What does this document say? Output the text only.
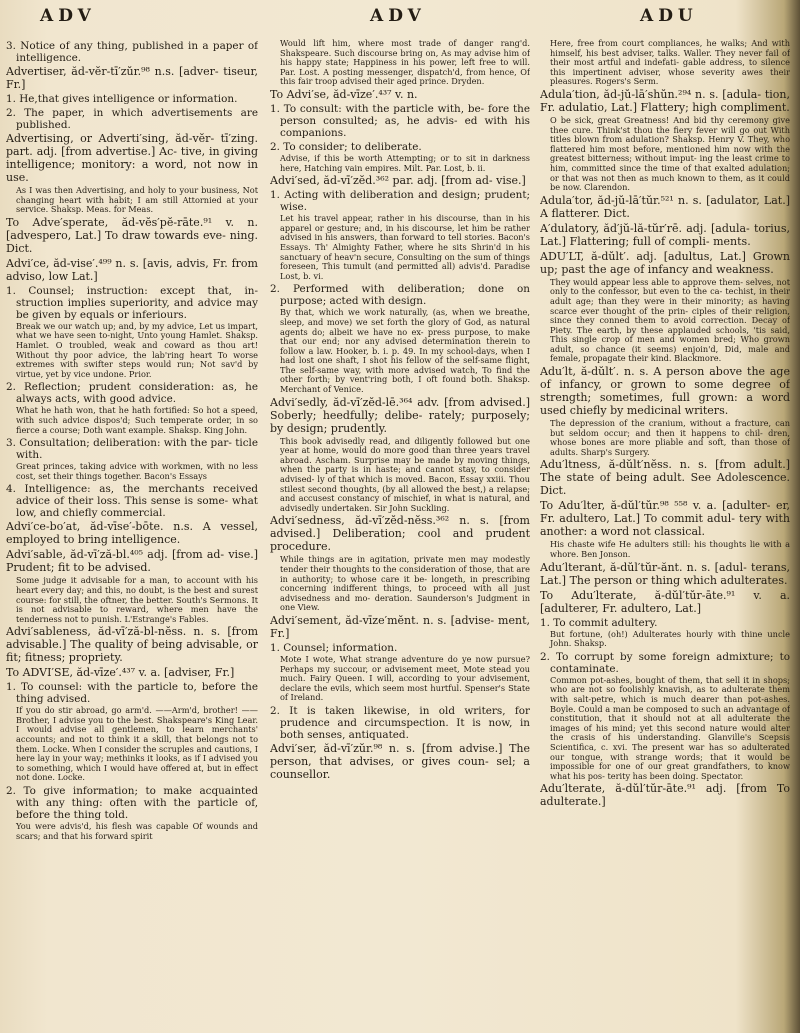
ADV	ADV	ADU
3. Notice of any thing, published in a paper of intelligence.
Advertiser, ăd-vĕr-tī′zŭr.⁹⁸ n.s. [adver- tiseur, Fr.]
1. He,that gives intelligence or information.
2. The paper, in which advertisements are published.
Advertising, or Adverti′sing, ăd-vĕr- tī′zing. part. adj. [from advertise.] Ac- tive, in giving intelligence; monitory: a word, not now in use.
As I was then Advertising, and holy to your business, Not changing heart with habit; I am still Attornied at your service. Shaksp. Meas. for Meas.
To Adve′sperate, ăd-vĕs′pĕ-rāte.⁹¹ v. n. [advesperо, Lat.] To draw towards eve- ning. Dict.
Advi′ce, ăd-vise′.⁴⁹⁹ n. s. [avis, advis, Fr. from adviso, low Lat.]
1. Counsel; instruction: except that, in- struction implies superiority, and advice may be given by equals or inferiours.
Break we our watch up; and, by my advice, Let us impart, what we have seen to-night, Unto young Hamlet. Shaksp. Hamlet. O troubled, weak and coward as thou art! Without thy poor advice, the lab'ring heart To worse extremes with swifter steps would run; Not sav'd by virtue, yet by vice undone. Prior.
2. Reflection; prudent consideration: as, he always acts, with good advice.
What he hath won, that he hath fortified: So hot a speed, with such advice dispos'd; Such temperate order, in so fierce a course; Doth want example. Shaksp. King John.
3. Consultation; deliberation: with the par- ticle with.
Great princes, taking advice with workmen, with no less cost, set their things together. Bacon's Essays
4. Intelligence: as, the merchants received advice of their loss. This sense is some- what low, and chiefly commercial.
Advi′ce-bo′at, ăd-vīse′-bōte. n.s. A vessel, employed to bring intelligence.
Advi′sable, ăd-vī′ză-bl.⁴⁰⁵ adj. [from ad- vise.] Prudent; fit to be advised.
Some judge it advisable for a man, to account with his heart every day; and this, no doubt, is the best and surest course: for still, the oftner, the better. South's Sermons. It is not advisable to reward, where men have the tenderness not to punish. L'Estrange's Fables.
Advi′sableness, ăd-vī′ză-bl-nĕss. n. s. [from advisable.] The quality of being advisable, or fit; fitness; propriety.
To ADVI′SE, ăd-vīze′.⁴³⁷ v. a. [adviser, Fr.]
1. To counsel: with the particle to, before the thing advised.
If you do stir abroad, go arm'd. ——Arm'd, brother! ——Brother, I advise you to the best. Shakspeare's King Lear. I would advise all gentlemen, to learn merchants' accounts; and not to think it a skill, that belongs not to them. Locke. When I consider the scruples and cautions, I here lay in your way; methinks it looks, as if I advised you to something, which I would have offered at, but in effect not done. Locke.
2. To give information; to make acquainted with any thing: often with the particle of, before the thing told.
You were advis'd, his flesh was capable Of wounds and scars; and that his forward spirit
Would lift him, where most trade of danger rang'd. Shakspeare. Such discourse bring on, As may advise him of his happy state; Happiness in his power, left free to will. Par. Lost. A posting messenger, dispatch'd, from hence, Of this fair troop advised their aged prince. Dryden.
To Advi′se, ăd-vīze′.⁴³⁷ v. n.
1. To consult: with the particle with, be- fore the person consulted; as, he advis- ed with his companions.
2. To consider; to deliberate.
Advise, if this be worth Attempting; or to sit in darkness here, Hatching vain empires. Milt. Par. Lost, b. ii.
Advi′sed, ăd-vī′zĕd.³⁶² par. adj. [from ad- vise.]
1. Acting with deliberation and design; prudent; wise.
Let his travel appear, rather in his discourse, than in his apparel or gesture; and, in his discourse, let him be rather advised in his answers, than forward to tell stories. Bacon's Essays. Th' Almighty Father, where he sits Shrin'd in his sanctuary of heav'n secure, Consulting on the sum of things foreseen, This tumult (and permitted all) advis'd. Paradise Lost, b. vi.
2. Performed with deliberation; done on purpose; acted with design.
By that, which we work naturally, (as, when we breathe, sleep, and move) we set forth the glory of God, as natural agents do; albeit we have no ex- press purpose, to make that our end; nor any advised determination therein to follow a law. Hooker, b. i. p. 49. In my school-days, when I had lost one shaft, I shot his fellow of the self-same flight, The self-same way, with more advised watch, To find the other forth; by vent'ring both, I oft found both. Shaksp. Merchant of Venice.
Advi′sedly, ăd-vī′zĕd-lē.³⁶⁴ adv. [from advised.] Soberly; heedfully; delibe- rately; purposely; by design; prudently.
This book advisedly read, and diligently followed but one year at home, would do more good than three years travel abroad. Ascham. Surprise may be made by moving things, when the party is in haste; and cannot stay, to consider advised- ly of that which is moved. Bacon, Essay xxiii. Thou stilest second thoughts, (by all allowed the best,) a relapse; and accusest constancy of mischief, in what is natural, and advisedly undertaken. Sir John Suckling.
Advi′sedness, ăd-vī′zĕd-nĕss.³⁶² n. s. [from advised.] Deliberation; cool and prudent procedure.
While things are in agitation, private men may modestly tender their thoughts to the consideration of those, that are in authority; to whose care it be- longeth, in prescribing concerning indifferent things, to proceed with all just advisedness and mo- deration. Saunderson's Judgment in one View.
Advi′sement, ăd-vīze′mĕnt. n. s. [advise- ment, Fr.]
1. Counsel; information.
Mote I wote, What strange adventure do ye now pursue? Perhaps my succour, or advisement meet, Mote stead you much. Fairy Queen. I will, according to your advisement, declare the evils, which seem most hurtful. Spenser's State of Ireland.
2. It is taken likewise, in old writers, for prudence and circumspection. It is now, in both senses, antiquated.
Advi′ser, ăd-vī′zŭr.⁹⁸ n. s. [from advise.] The person, that advises, or gives coun- sel; a counsellor.
Here, free from court compliances, he walks; And with himself, his best adviser, talks. Waller. They never fail of their most artful and indefati- gable address, to silence this impertinent adviser, whose severity awes their pleasures. Rogers's Serm.
Adula′tion, ăd-jŭ-lā′shŭn.²⁹⁴ n. s. [adula- tion, Fr. adulatio, Lat.] Flattery; high compliment.
O be sick, great Greatness! And bid thy ceremony give thee cure. Think'st thou the fiery fever will go out With titles blown from adulation? Shaksp. Henry V. They, who flattered him most before, mentioned him now with the greatest bitterness; without imput- ing the least crime to him, committed since the time of that exalted adulation; or that was not then as much known to them, as it could be now. Clarendon.
Adula′tor, ăd-jŭ-lā′tŭr.⁵²¹ n. s. [adulator, Lat.] A flatterer. Dict.
A′dulatory, ăd′jŭ-lă-tŭr′rē. adj. [adula- torius, Lat.] Flattering; full of compli- ments.
ADU′LT, ă-dŭlt′. adj. [adultus, Lat.] Grown up; past the age of infancy and weakness.
They would appear less able to approve them- selves, not only to the confessor, but even to the ca- techist, in their adult age; than they were in their minority; as having scarce ever thought of the prin- ciples of their religion, since they conned them to avoid correction. Decay of Piety. The earth, by these applauded schools, 'tis said, This single crop of men and women bred; Who grown adult, so chance (it seems) enjoin'd, Did, male and female, propagate their kind. Blackmore.
Adu′lt, ă-dŭlt′. n. s. A person above the age of infancy, or grown to some degree of strength; sometimes, full grown: a word used chiefly by medicinal writers.
The depression of the cranium, without a fracture, can but seldom occur; and then it happens to chil- dren, whose bones are more pliable and soft, than those of adults. Sharp's Surgery.
Adu′ltness, ă-dŭlt′nĕss. n. s. [from adult.] The state of being adult. See Adolescence. Dict.
To Adu′lter, ă-dŭl′tŭr.⁹⁸ ⁵⁵⁸ v. a. [adulter- er, Fr. adultero, Lat.] To commit adul- tery with another: a word not classical.
His chaste wife He adulters still: his thoughts lie with a whore. Ben Jonson.
Adu′lterant, ă-dŭl′tŭr-ănt. n. s. [adul- terans, Lat.] The person or thing which adulterates.
To Adu′lterate, ă-dŭl′tŭr-āte.⁹¹ v. a. [adulterer, Fr. adultero, Lat.]
1. To commit adultery.
But fortune, (oh!) Adulterates hourly with thine uncle John. Shaksp.
2. To corrupt by some foreign admixture; to contaminate.
Common pot-ashes, bought of them, that sell it in shops; who are not so foolishly knavish, as to adulterate them with salt-petre, which is much dearer than pot-ashes. Boyle. Could a man be composed to such an advantage of constitution, that it should not at all adulterate the images of his mind; yet this second nature would alter the crasis of his understanding. Glanville's Scepsis Scientifica, c. xvi. The present war has so adulterated our tongue, with strange words; that it would be impossible for one of our great grandfathers, to know what his pos- terity has been doing. Spectator.
Adu′lterate, ă-dŭl′tŭr-āte.⁹¹ adj. [from To adulterate.]
